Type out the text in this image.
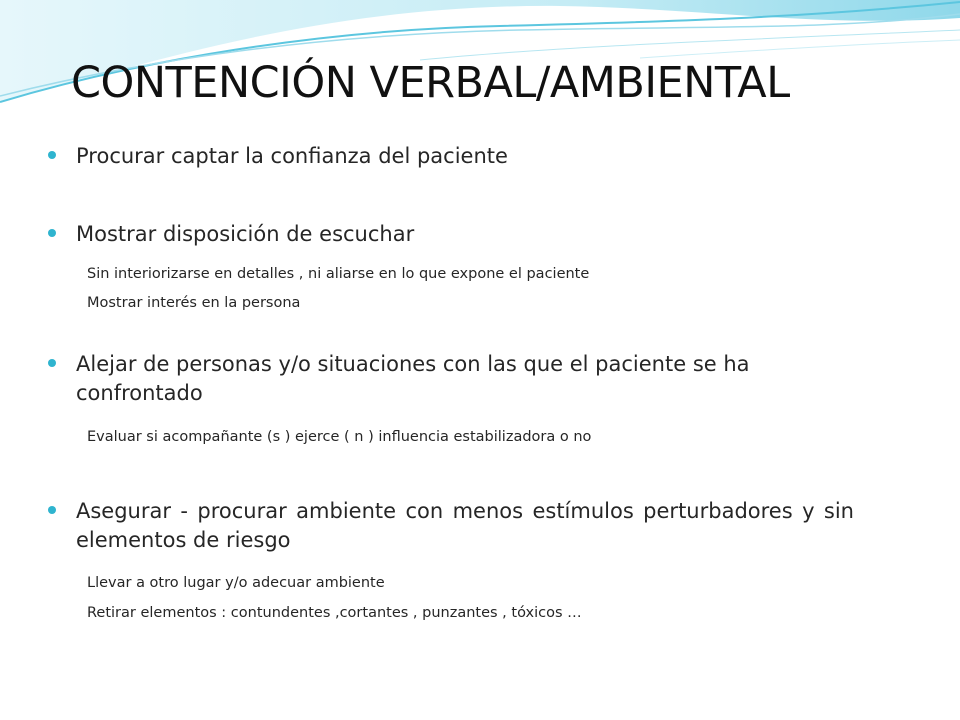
CONTENCIÓN VERBAL/AMBIENTAL
Procurar captar la confianza del paciente
Mostrar disposición de escuchar
Sin interiorizarse en detalles , ni aliarse en lo que expone el paciente
Mostrar interés en la persona
Alejar de personas y/o situaciones con las que el paciente se ha confrontado
Evaluar si acompañante (s ) ejerce ( n ) influencia estabilizadora o no
Asegurar - procurar ambiente con menos estímulos perturbadores y sin elementos de riesgo
Llevar a otro lugar y/o adecuar ambiente
Retirar elementos : contundentes ,cortantes , punzantes , tóxicos …
